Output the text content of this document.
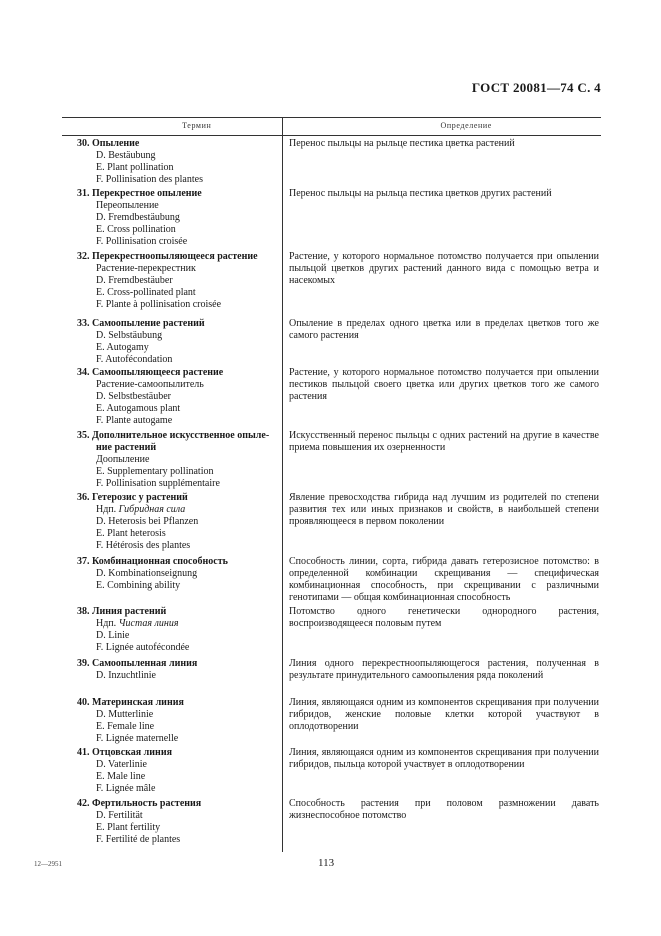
ГОСТ 20081—74 С. 4
Термин	Определение
30. Опыление
D. Bestäubung
E. Plant pollination
F. Pollinisation des plantes
Перенос пыльцы на рыльце пестика цветка растений
31. Перекрестное опыление
Переопыление
D. Fremdbestäubung
E. Cross pollination
F. Pollinisation croisée
Перенос пыльцы на рыльца пестика цветков других растений
32. Перекрестноопыляющееся растение
Растение-перекрестник
D. Fremdbestäuber
E. Cross-pollinated plant
F. Plante à pollinisation croisée
Растение, у которого нормальное потомство получается при опылении пыльцой цветков других растений данного вида с помощью ветра и насекомых
33. Самоопыление растений
D. Selbstäubung
E. Autogamy
F. Autofécondation
Опыление в пределах одного цветка или в пределах цветков того же самого растения
34. Самоопыляющееся растение
Растение-самоопылитель
D. Selbstbestäuber
E. Autogamous plant
F. Plante autogame
Растение, у которого нормальное потомство получается при опылении пестиков пыльцой своего цветка или других цветков того же самого растения
35. Дополнительное искусственное опыле-
ние растений
Доопыление
E. Supplementary pollination
F. Pollinisation supplémentaire
Искусственный перенос пыльцы с одних растений на другие в качестве приема повышения их озерненности
36. Гетерозис у растений
Ндп. Гибридная сила
D. Heterosis bei Pflanzen
E. Plant heterosis
F. Hétérosis des plantes
Явление превосходства гибрида над лучшим из родителей по степени развития тех или иных признаков и свойств, в наибольшей степени проявляющееся в первом поколении
37. Комбинационная способность
D. Kombinationseignung
E. Combining ability
Способность линии, сорта, гибрида давать гетерозисное потомство: в определенной комбинации скрещивания — специфическая комбинационная способность, при скрещивании с различными генотипами — общая комбинационная способность
38. Линия растений
Ндп. Чистая линия
D. Linie
F. Lignée autofécondée
Потомство одного генетически однородного растения, воспроизводящееся половым путем
39. Самоопыленная линия
D. Inzuchtlinie
Линия одного перекрестноопыляющегося растения, полученная в результате принудительного самоопыления ряда поколений
40. Материнская линия
D. Mutterlinie
E. Female line
F. Lignée maternelle
Линия, являющаяся одним из компонентов скрещивания при получении гибридов, женские половые клетки которой участвуют в оплодотворении
41. Отцовская линия
D. Vaterlinie
E. Male line
F. Lignée mâle
Линия, являющаяся одним из компонентов скрещивания при получении гибридов, пыльца которой участвует в оплодотворении
42. Фертильность растения
D. Fertilität
E. Plant fertility
F. Fertilité de plantes
Способность растения при половом размножении давать жизнеспособное потомство
12—2951	113
